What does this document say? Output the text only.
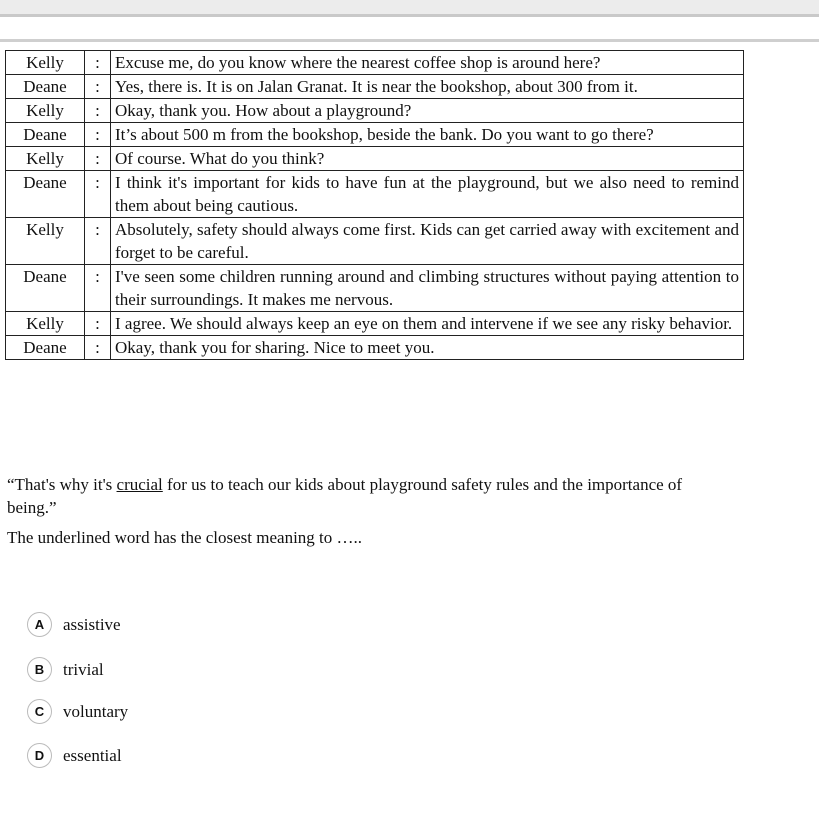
Kelly	:	Excuse me, do you know where the nearest coffee shop is around here?
Deane	:	Yes, there is. It is on Jalan Granat. It is near the bookshop, about 300 from it.
Kelly	:	Okay, thank you. How about a playground?
Deane	:	It’s about 500 m from the bookshop, beside the bank. Do you want to go there?
Kelly	:	Of course. What do you think?
Deane	:	I think it's important for kids to have fun at the playground, but we also need to remind them about being cautious.
Kelly	:	Absolutely, safety should always come first. Kids can get carried away with excitement and forget to be careful.
Deane	:	I've seen some children running around and climbing structures without paying attention to their surroundings. It makes me nervous.
Kelly	:	I agree. We should always keep an eye on them and intervene if we see any risky behavior.
Deane	:	Okay, thank you for sharing. Nice to meet you.
“That's why it's crucial for us to teach our kids about playground safety rules and the importance of being.”
The underlined word has the closest meaning to …..
A	assistive
B	trivial
C	voluntary
D	essential
